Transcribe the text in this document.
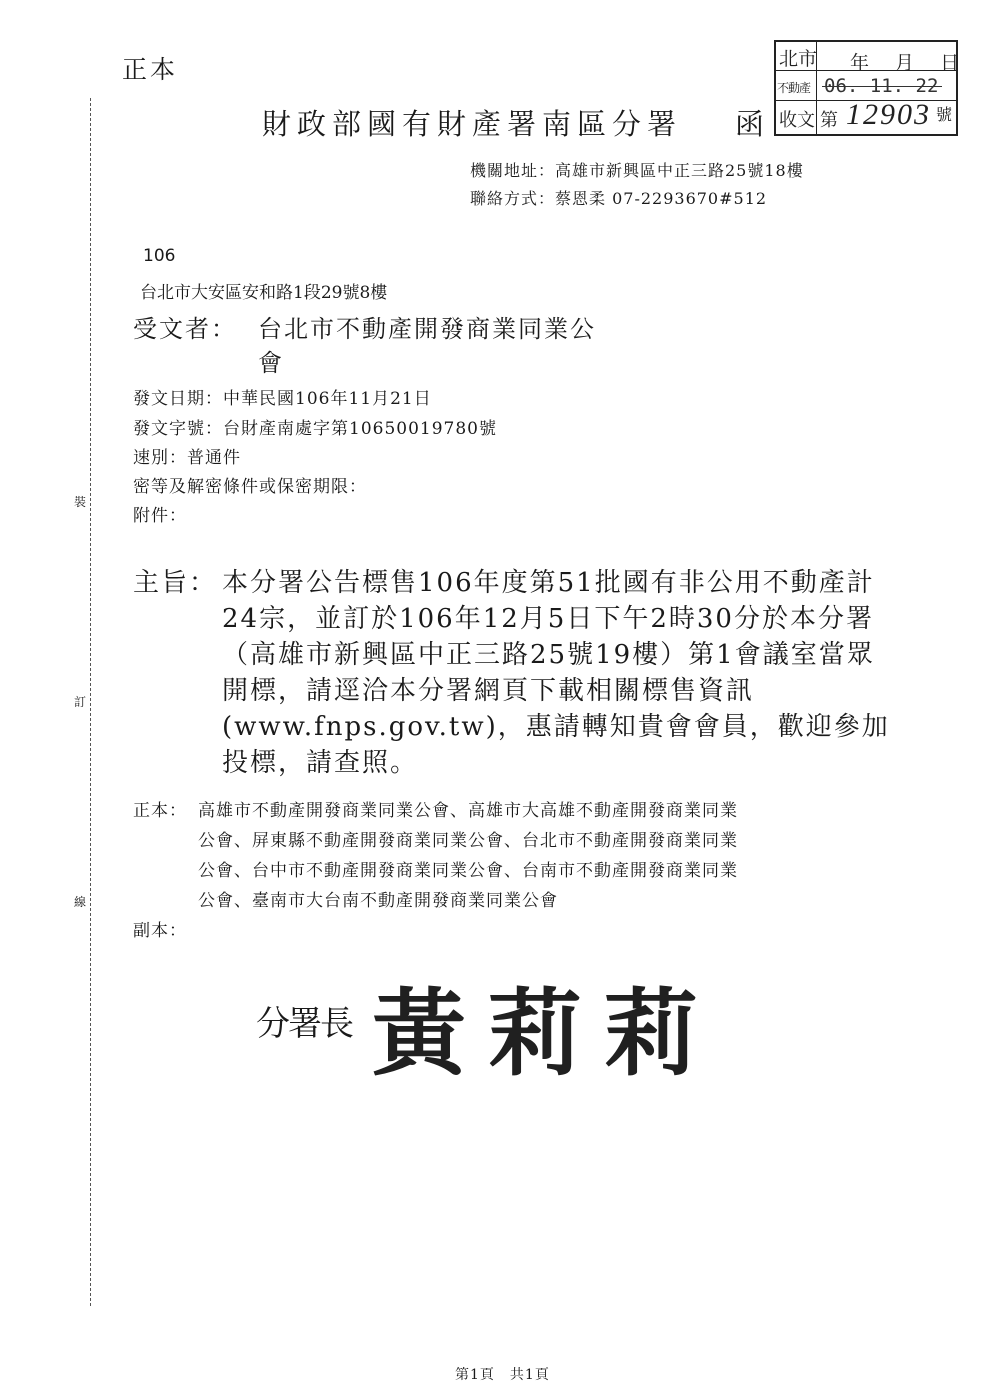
裝
訂
線
正本
財政部國有財產署南區分署 函
北市
不動產
收文
年 月 日
06. 11. 22
第 12903 號
機關地址：高雄市新興區中正三路25號18樓
聯絡方式：蔡恩柔 07-2293670#512
106
台北市大安區安和路1段29號8樓
受文者： 台北市不動產開發商業同業公
會
發文日期：中華民國106年11月21日
發文字號：台財產南處字第10650019780號
速別：普通件
密等及解密條件或保密期限：
附件：
主旨： 本分署公告標售106年度第51批國有非公用不動產計
24宗，並訂於106年12月5日下午2時30分於本分署
（高雄市新興區中正三路25號19樓）第1會議室當眾
開標，請逕洽本分署網頁下載相關標售資訊
(www.fnps.gov.tw)，惠請轉知貴會會員，歡迎參加
投標，請查照。
正本： 高雄市不動產開發商業同業公會、高雄市大高雄不動產開發商業同業
公會、屏東縣不動產開發商業同業公會、台北市不動產開發商業同業
公會、台中市不動產開發商業同業公會、台南市不動產開發商業同業
公會、臺南市大台南不動產開發商業同業公會
副本：
分署長 黃莉莉
第1頁　共1頁
